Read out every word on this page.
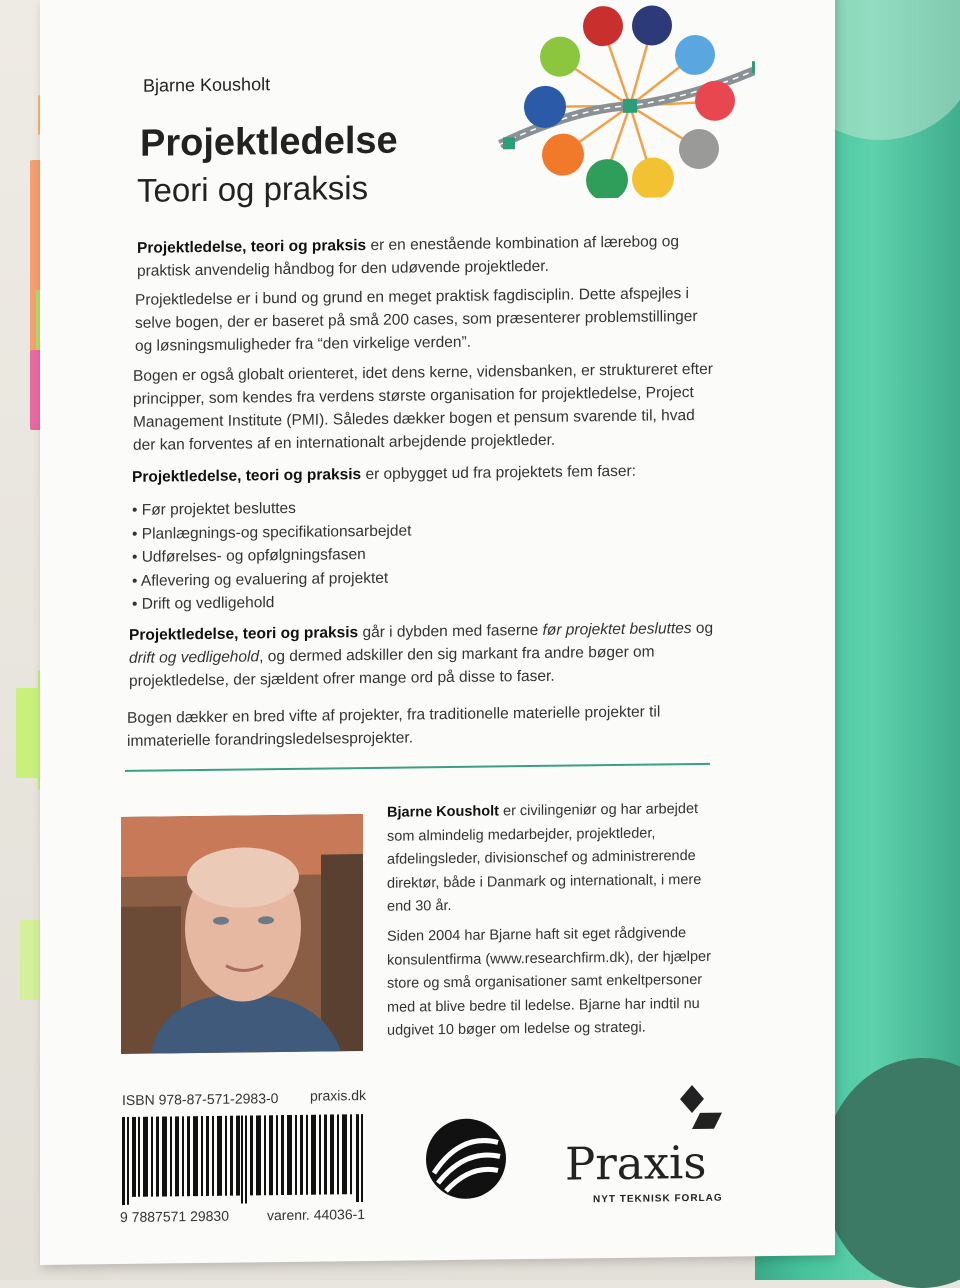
Bjarne Kousholt
Projektledelse
Teori og praksis
Projektledelse, teori og praksis er en enestående kombination af lærebog og praktisk anvendelig håndbog for den udøvende projektleder.
Projektledelse er i bund og grund en meget praktisk fagdisciplin. Dette afspejles i selve bogen, der er baseret på små 200 cases, som præsenterer problemstillinger og løsningsmuligheder fra “den virkelige verden”.
Bogen er også globalt orienteret, idet dens kerne, vidensbanken, er struktureret efter principper, som kendes fra verdens største organisation for projektledelse, Project Management Institute (PMI). Således dækker bogen et pensum svarende til, hvad der kan forventes af en internationalt arbejdende projektleder.
Projektledelse, teori og praksis er opbygget ud fra projektets fem faser:
• Før projektet besluttes
• Planlægnings-og specifikationsarbejdet
• Udførelses- og opfølgningsfasen
• Aflevering og evaluering af projektet
• Drift og vedligehold
Projektledelse, teori og praksis går i dybden med faserne før projektet besluttes og drift og vedligehold, og dermed adskiller den sig markant fra andre bøger om projektledelse, der sjældent ofrer mange ord på disse to faser.
Bogen dækker en bred vifte af projekter, fra traditionelle materielle projekter til immaterielle forandringsledelsesprojekter.
Bjarne Kousholt er civilingeniør og har arbejdet som almindelig medarbejder, projektleder, afdelingsleder, divisionschef og administrerende direktør, både i Danmark og internationalt, i mere end 30 år.
Siden 2004 har Bjarne haft sit eget rådgivende konsulentfirma (www.researchfirm.dk), der hjælper store og små organisationer samt enkeltpersoner med at blive bedre til ledelse. Bjarne har indtil nu udgivet 10 bøger om ledelse og strategi.
ISBN 978-87-571-2983-0 praxis.dk
9 7887571 29830	varenr. 44036-1
Praxis
NYT TEKNISK FORLAG
